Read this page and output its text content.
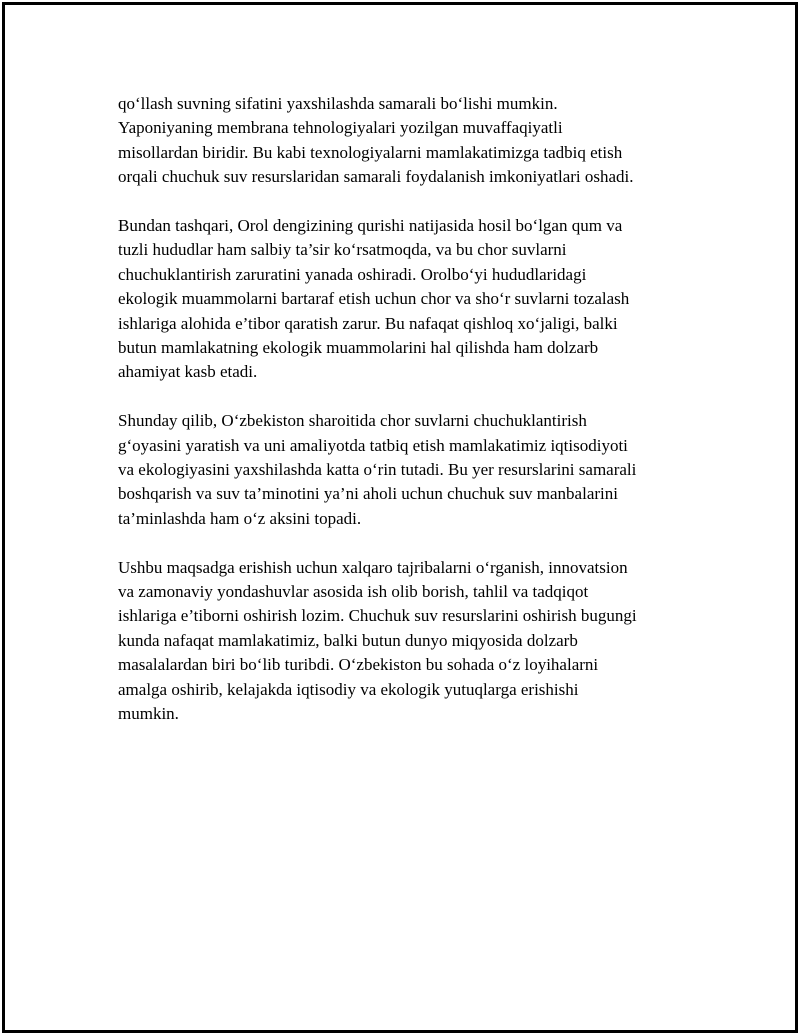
qo‘llash suvning sifatini yaxshilashda samarali bo‘lishi mumkin.
Yaponiyaning membrana tehnologiyalari yozilgan muvaffaqiyatli
misollardan biridir. Bu kabi texnologiyalarni mamlakatimizga tadbiq etish
orqali chuchuk suv resurslaridan samarali foydalanish imkoniyatlari oshadi.

Bundan tashqari, Orol dengizining qurishi natijasida hosil bo‘lgan qum va
tuzli hududlar ham salbiy ta’sir ko‘rsatmoqda, va bu chor suvlarni
chuchuklantirish zaruratini yanada oshiradi. Orolbo‘yi hududlaridagi
ekologik muammolarni bartaraf etish uchun chor va sho‘r suvlarni tozalash
ishlariga alohida e’tibor qaratish zarur. Bu nafaqat qishloq xo‘jaligi, balki
butun mamlakatning ekologik muammolarini hal qilishda ham dolzarb
ahamiyat kasb etadi.

Shunday qilib, O‘zbekiston sharoitida chor suvlarni chuchuklantirish
g‘oyasini yaratish va uni amaliyotda tatbiq etish mamlakatimiz iqtisodiyoti
va ekologiyasini yaxshilashda katta o‘rin tutadi. Bu yer resurslarini samarali
boshqarish va suv ta’minotini ya’ni aholi uchun chuchuk suv manbalarini
ta’minlashda ham o‘z aksini topadi.

Ushbu maqsadga erishish uchun xalqaro tajribalarni o‘rganish, innovatsion
va zamonaviy yondashuvlar asosida ish olib borish, tahlil va tadqiqot
ishlariga e’tiborni oshirish lozim. Chuchuk suv resurslarini oshirish bugungi
kunda nafaqat mamlakatimiz, balki butun dunyo miqyosida dolzarb
masalalardan biri bo‘lib turibdi. O‘zbekiston bu sohada o‘z loyihalarni
amalga oshirib, kelajakda iqtisodiy va ekologik yutuqlarga erishishi
mumkin.
